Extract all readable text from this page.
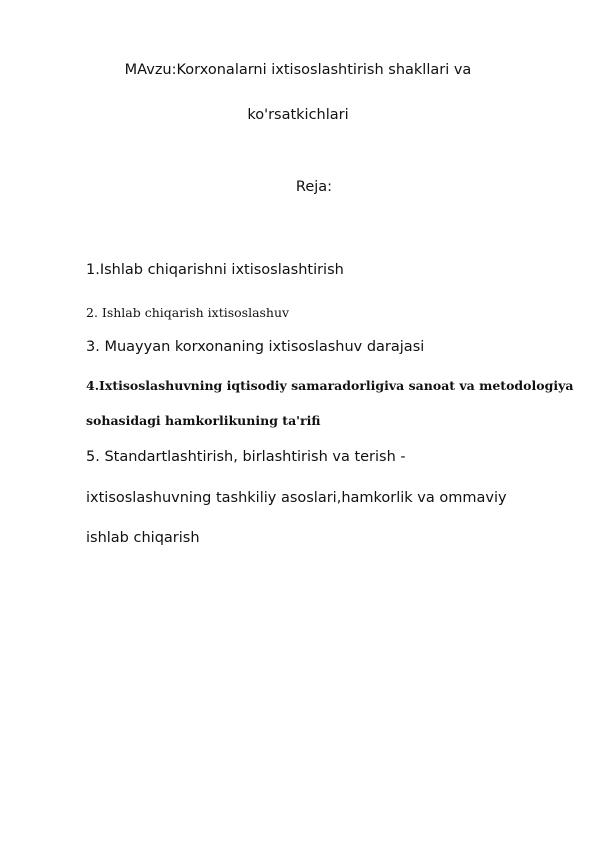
MAvzu:Korxonalarni ixtisoslashtirish shakllari va
ko'rsatkichlari
Reja:
1.Ishlab chiqarishni ixtisoslashtirish
2. Ishlab chiqarish ixtisoslashuv
3. Muayyan korxonaning ixtisoslashuv darajasi
4.Ixtisoslashuvning iqtisodiy samaradorligiva sanoat va metodologiya
sohasidagi hamkorlikuning ta'rifi
5. Standartlashtirish, birlashtirish va terish -
ixtisoslashuvning tashkiliy asoslari,hamkorlik va ommaviy
ishlab chiqarish
